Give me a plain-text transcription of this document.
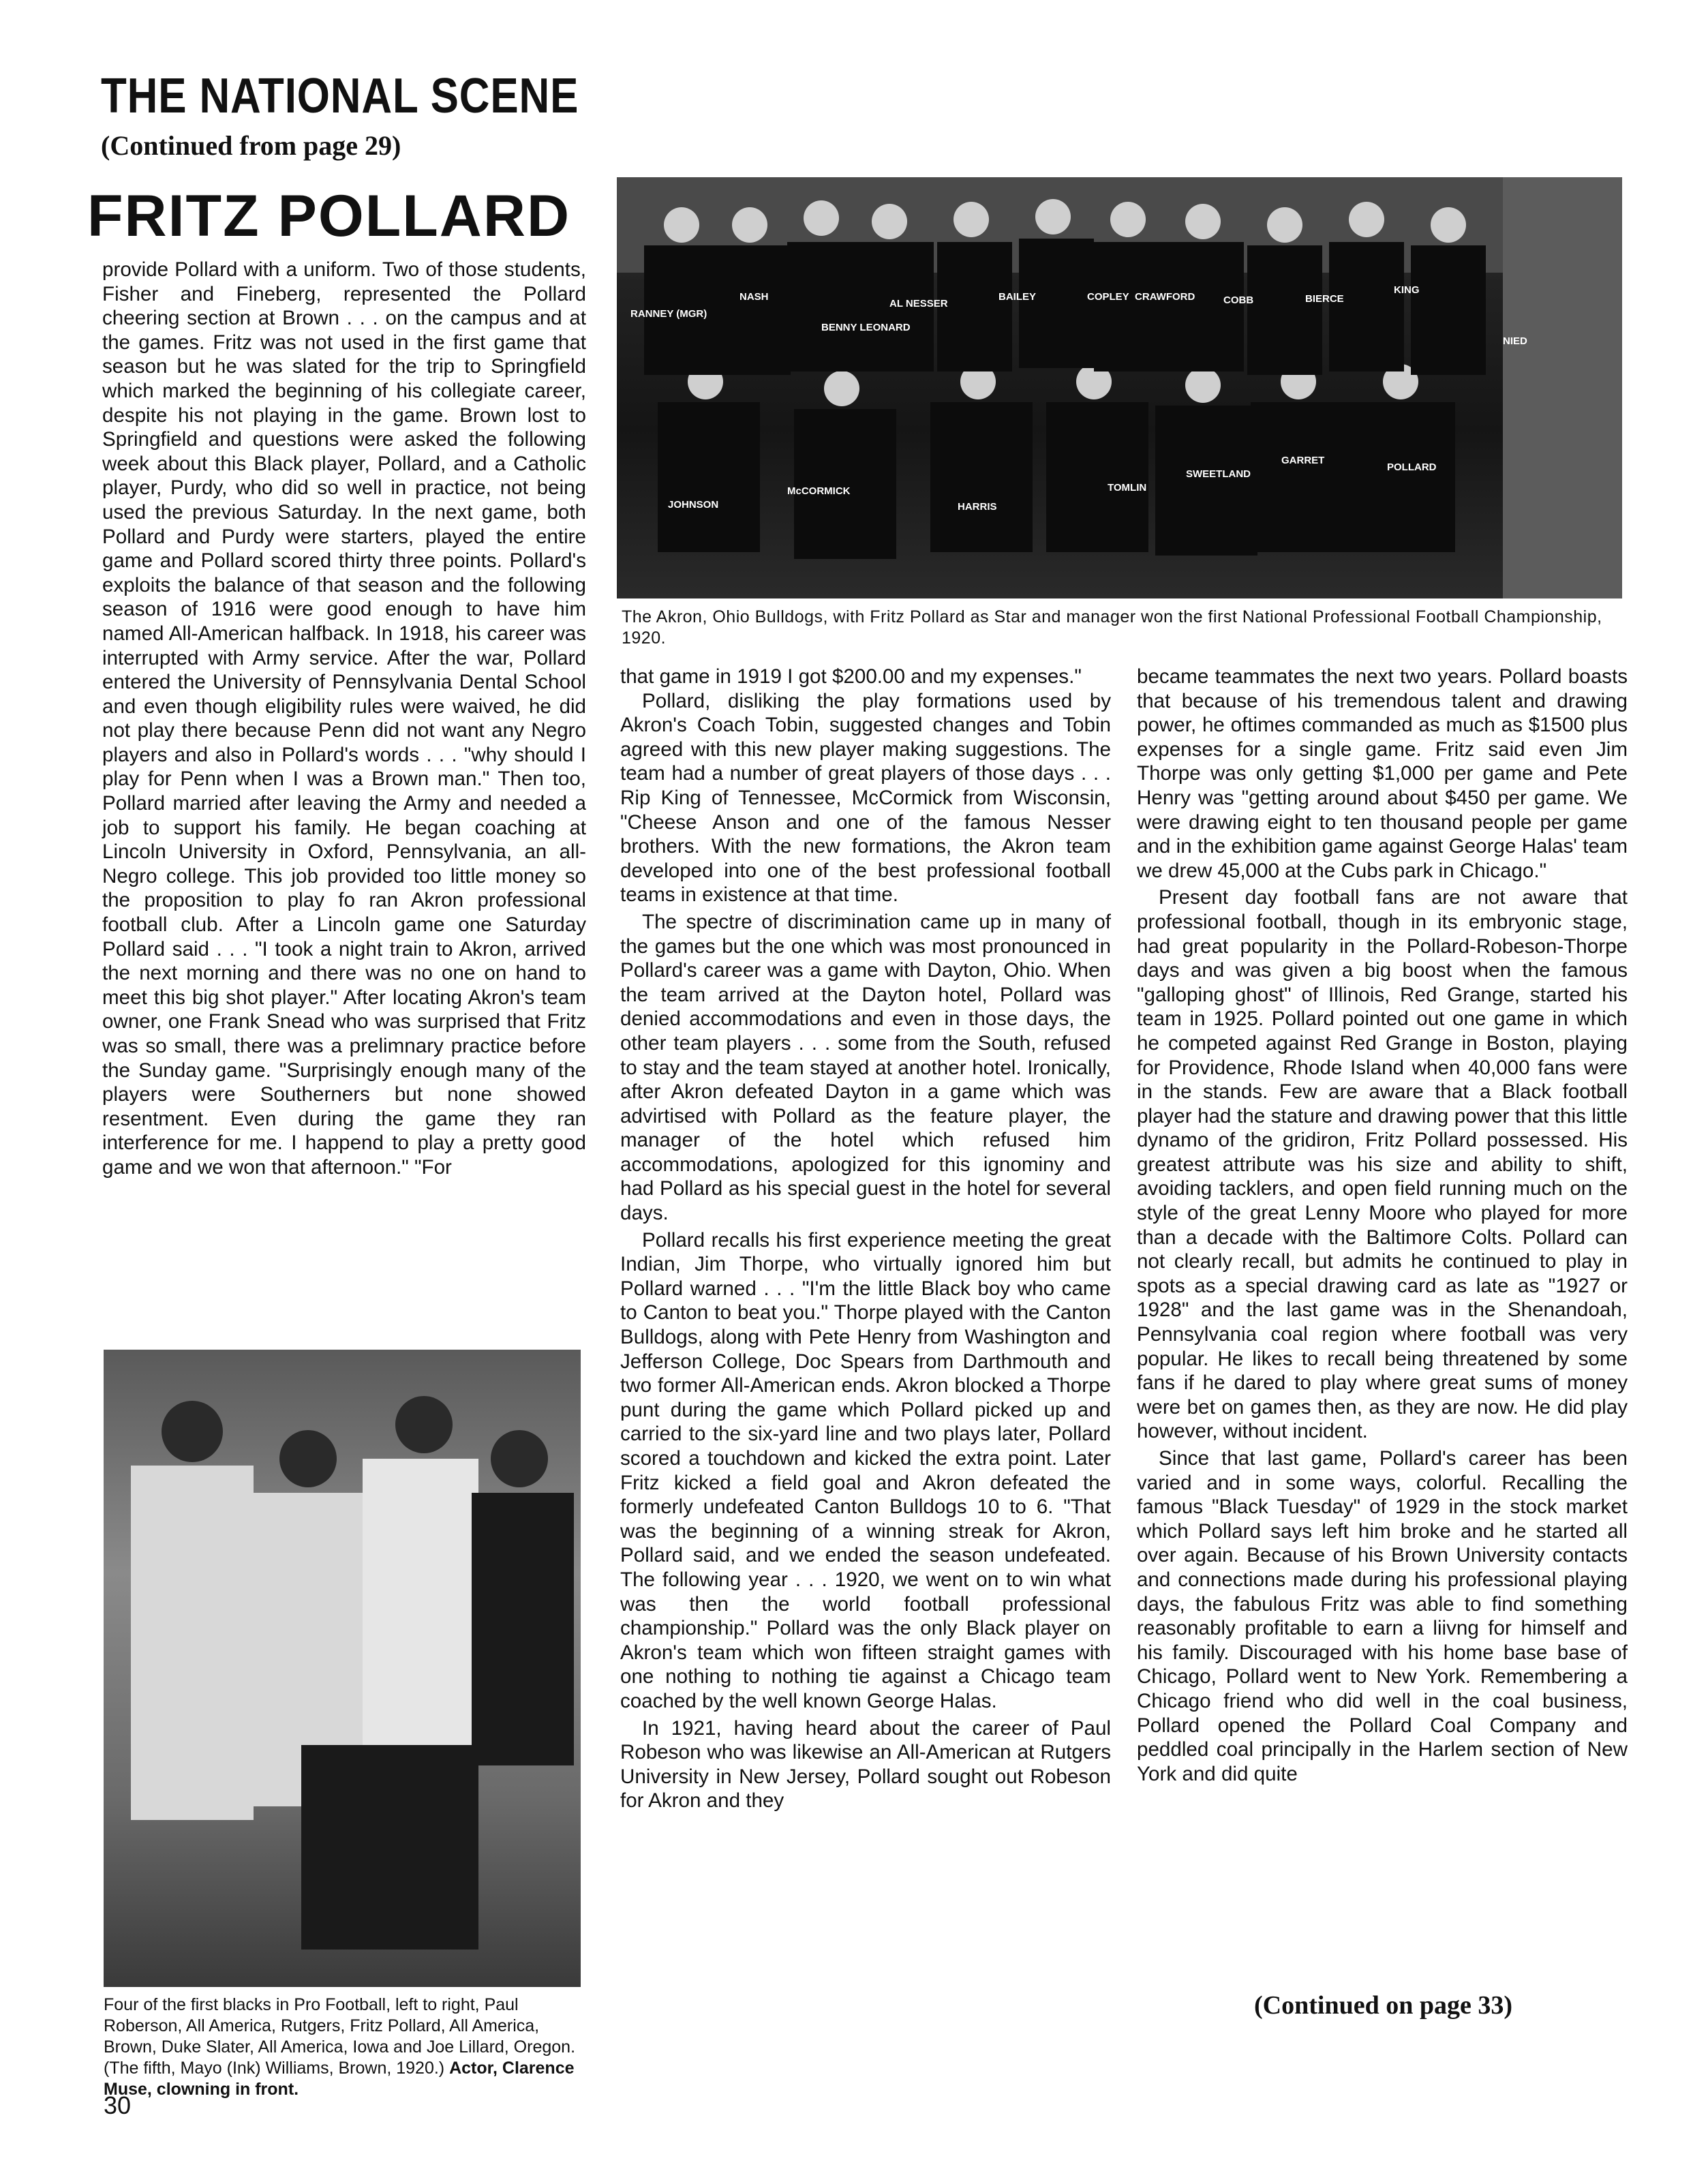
THE NATIONAL SCENE

(Continued from page 29)

FRITZ POLLARD

provide Pollard with a uniform. Two of those students, Fisher and Fineberg, represented the Pollard cheering section at Brown . . . on the campus and at the games. Fritz was not used in the first game that season but he was slated for the trip to Springfield which marked the beginning of his collegiate career, despite his not playing in the game. Brown lost to Springfield and questions were asked the following week about this Black player, Pollard, and a Catholic player, Purdy, who did so well in practice, not being used the previous Saturday. In the next game, both Pollard and Purdy were starters, played the entire game and Pollard scored thirty three points. Pollard's exploits the balance of that season and the following season of 1916 were good enough to have him named All-American halfback. In 1918, his career was interrupted with Army service. After the war, Pollard entered the University of Pennsylvania Dental School and even though eligibility rules were waived, he did not play there because Penn did not want any Negro players and also in Pollard's words . . . "why should I play for Penn when I was a Brown man." Then too, Pollard married after leaving the Army and needed a job to support his family. He began coaching at Lincoln University in Oxford, Pennsylvania, an all-Negro college. This job provided too little money so the proposition to play fo ran Akron professional football club. After a Lincoln game one Saturday Pollard said . . . "I took a night train to Akron, arrived the next morning and there was no one on hand to meet this big shot player." After locating Akron's team owner, one Frank Snead who was surprised that Fritz was so small, there was a prelimnary practice before the Sunday game. "Surprisingly enough many of the players were Southerners but none showed resentment. Even during the game they ran interference for me. I happend to play a pretty good game and we won that afternoon." "For

RANNEY (MGR)
NASH
BENNY LEONARD
AL NESSER
BAILEY	COPLEY CRAWFORD	COBB	BIERCE
KING
NIED
JOHNSON
McCORMICK
HARRIS
TOMLIN
SWEETLAND
GARRET
POLLARD

The Akron, Ohio Bulldogs, with Fritz Pollard as Star and manager won the first National Professional Football Championship, 1920.

that game in 1919 I got $200.00 and my expenses."

Pollard, disliking the play formations used by Akron's Coach Tobin, suggested changes and Tobin agreed with this new player making suggestions. The team had a number of great players of those days . . . Rip King of Tennessee, McCormick from Wisconsin, "Cheese Anson and one of the famous Nesser brothers. With the new formations, the Akron team developed into one of the best professional football teams in existence at that time.

The spectre of discrimination came up in many of the games but the one which was most pronounced in Pollard's career was a game with Dayton, Ohio. When the team arrived at the Dayton hotel, Pollard was denied accommodations and even in those days, the other team players . . . some from the South, refused to stay and the team stayed at another hotel. Ironically, after Akron defeated Dayton in a game which was advirtised with Pollard as the feature player, the manager of the hotel which refused him accommodations, apologized for this ignominy and had Pollard as his special guest in the hotel for several days.

Pollard recalls his first experience meeting the great Indian, Jim Thorpe, who virtually ignored him but Pollard warned . . . "I'm the little Black boy who came to Canton to beat you." Thorpe played with the Canton Bulldogs, along with Pete Henry from Washington and Jefferson College, Doc Spears from Darthmouth and two former All-American ends. Akron blocked a Thorpe punt during the game which Pollard picked up and carried to the six-yard line and two plays later, Pollard scored a touchdown and kicked the extra point. Later Fritz kicked a field goal and Akron defeated the formerly undefeated Canton Bulldogs 10 to 6. "That was the beginning of a winning streak for Akron, Pollard said, and we ended the season undefeated. The following year . . . 1920, we went on to win what was then the world football professional championship." Pollard was the only Black player on Akron's team which won fifteen straight games with one nothing to nothing tie against a Chicago team coached by the well known George Halas.

In 1921, having heard about the career of Paul Robeson who was likewise an All-American at Rutgers University in New Jersey, Pollard sought out Robeson for Akron and they

became teammates the next two years. Pollard boasts that because of his tremendous talent and drawing power, he oftimes commanded as much as $1500 plus expenses for a single game. Fritz said even Jim Thorpe was only getting $1,000 per game and Pete Henry was "getting around about $450 per game. We were drawing eight to ten thousand people per game and in the exhibition game against George Halas' team we drew 45,000 at the Cubs park in Chicago."

Present day football fans are not aware that professional football, though in its embryonic stage, had great popularity in the Pollard-Robeson-Thorpe days and was given a big boost when the famous "galloping ghost" of Illinois, Red Grange, started his team in 1925. Pollard pointed out one game in which he competed against Red Grange in Boston, playing for Providence, Rhode Island when 40,000 fans were in the stands. Few are aware that a Black football player had the stature and drawing power that this little dynamo of the gridiron, Fritz Pollard possessed. His greatest attribute was his size and ability to shift, avoiding tacklers, and open field running much on the style of the great Lenny Moore who played for more than a decade with the Baltimore Colts. Pollard can not clearly recall, but admits he continued to play in spots as a special drawing card as late as "1927 or 1928" and the last game was in the Shenandoah, Pennsylvania coal region where football was very popular. He likes to recall being threatened by some fans if he dared to play where great sums of money were bet on games then, as they are now. He did play however, without incident.

Since that last game, Pollard's career has been varied and in some ways, colorful. Recalling the famous "Black Tuesday" of 1929 in the stock market which Pollard says left him broke and he started all over again. Because of his Brown University contacts and connections made during his professional playing days, the fabulous Fritz was able to find something reasonably profitable to earn a liivng for himself and his family. Discouraged with his home base base of Chicago, Pollard went to New York. Remembering a Chicago friend who did well in the coal business, Pollard opened the Pollard Coal Company and peddled coal principally in the Harlem section of New York and did quite

Four of the first blacks in Pro Football, left to right, Paul Roberson, All America, Rutgers, Fritz Pollard, All America, Brown, Duke Slater, All America, Iowa and Joe Lillard, Oregon. (The fifth, Mayo (Ink) Williams, Brown, 1920.) Actor, Clarence Muse, clowning in front.

(Continued on page 33)

30
